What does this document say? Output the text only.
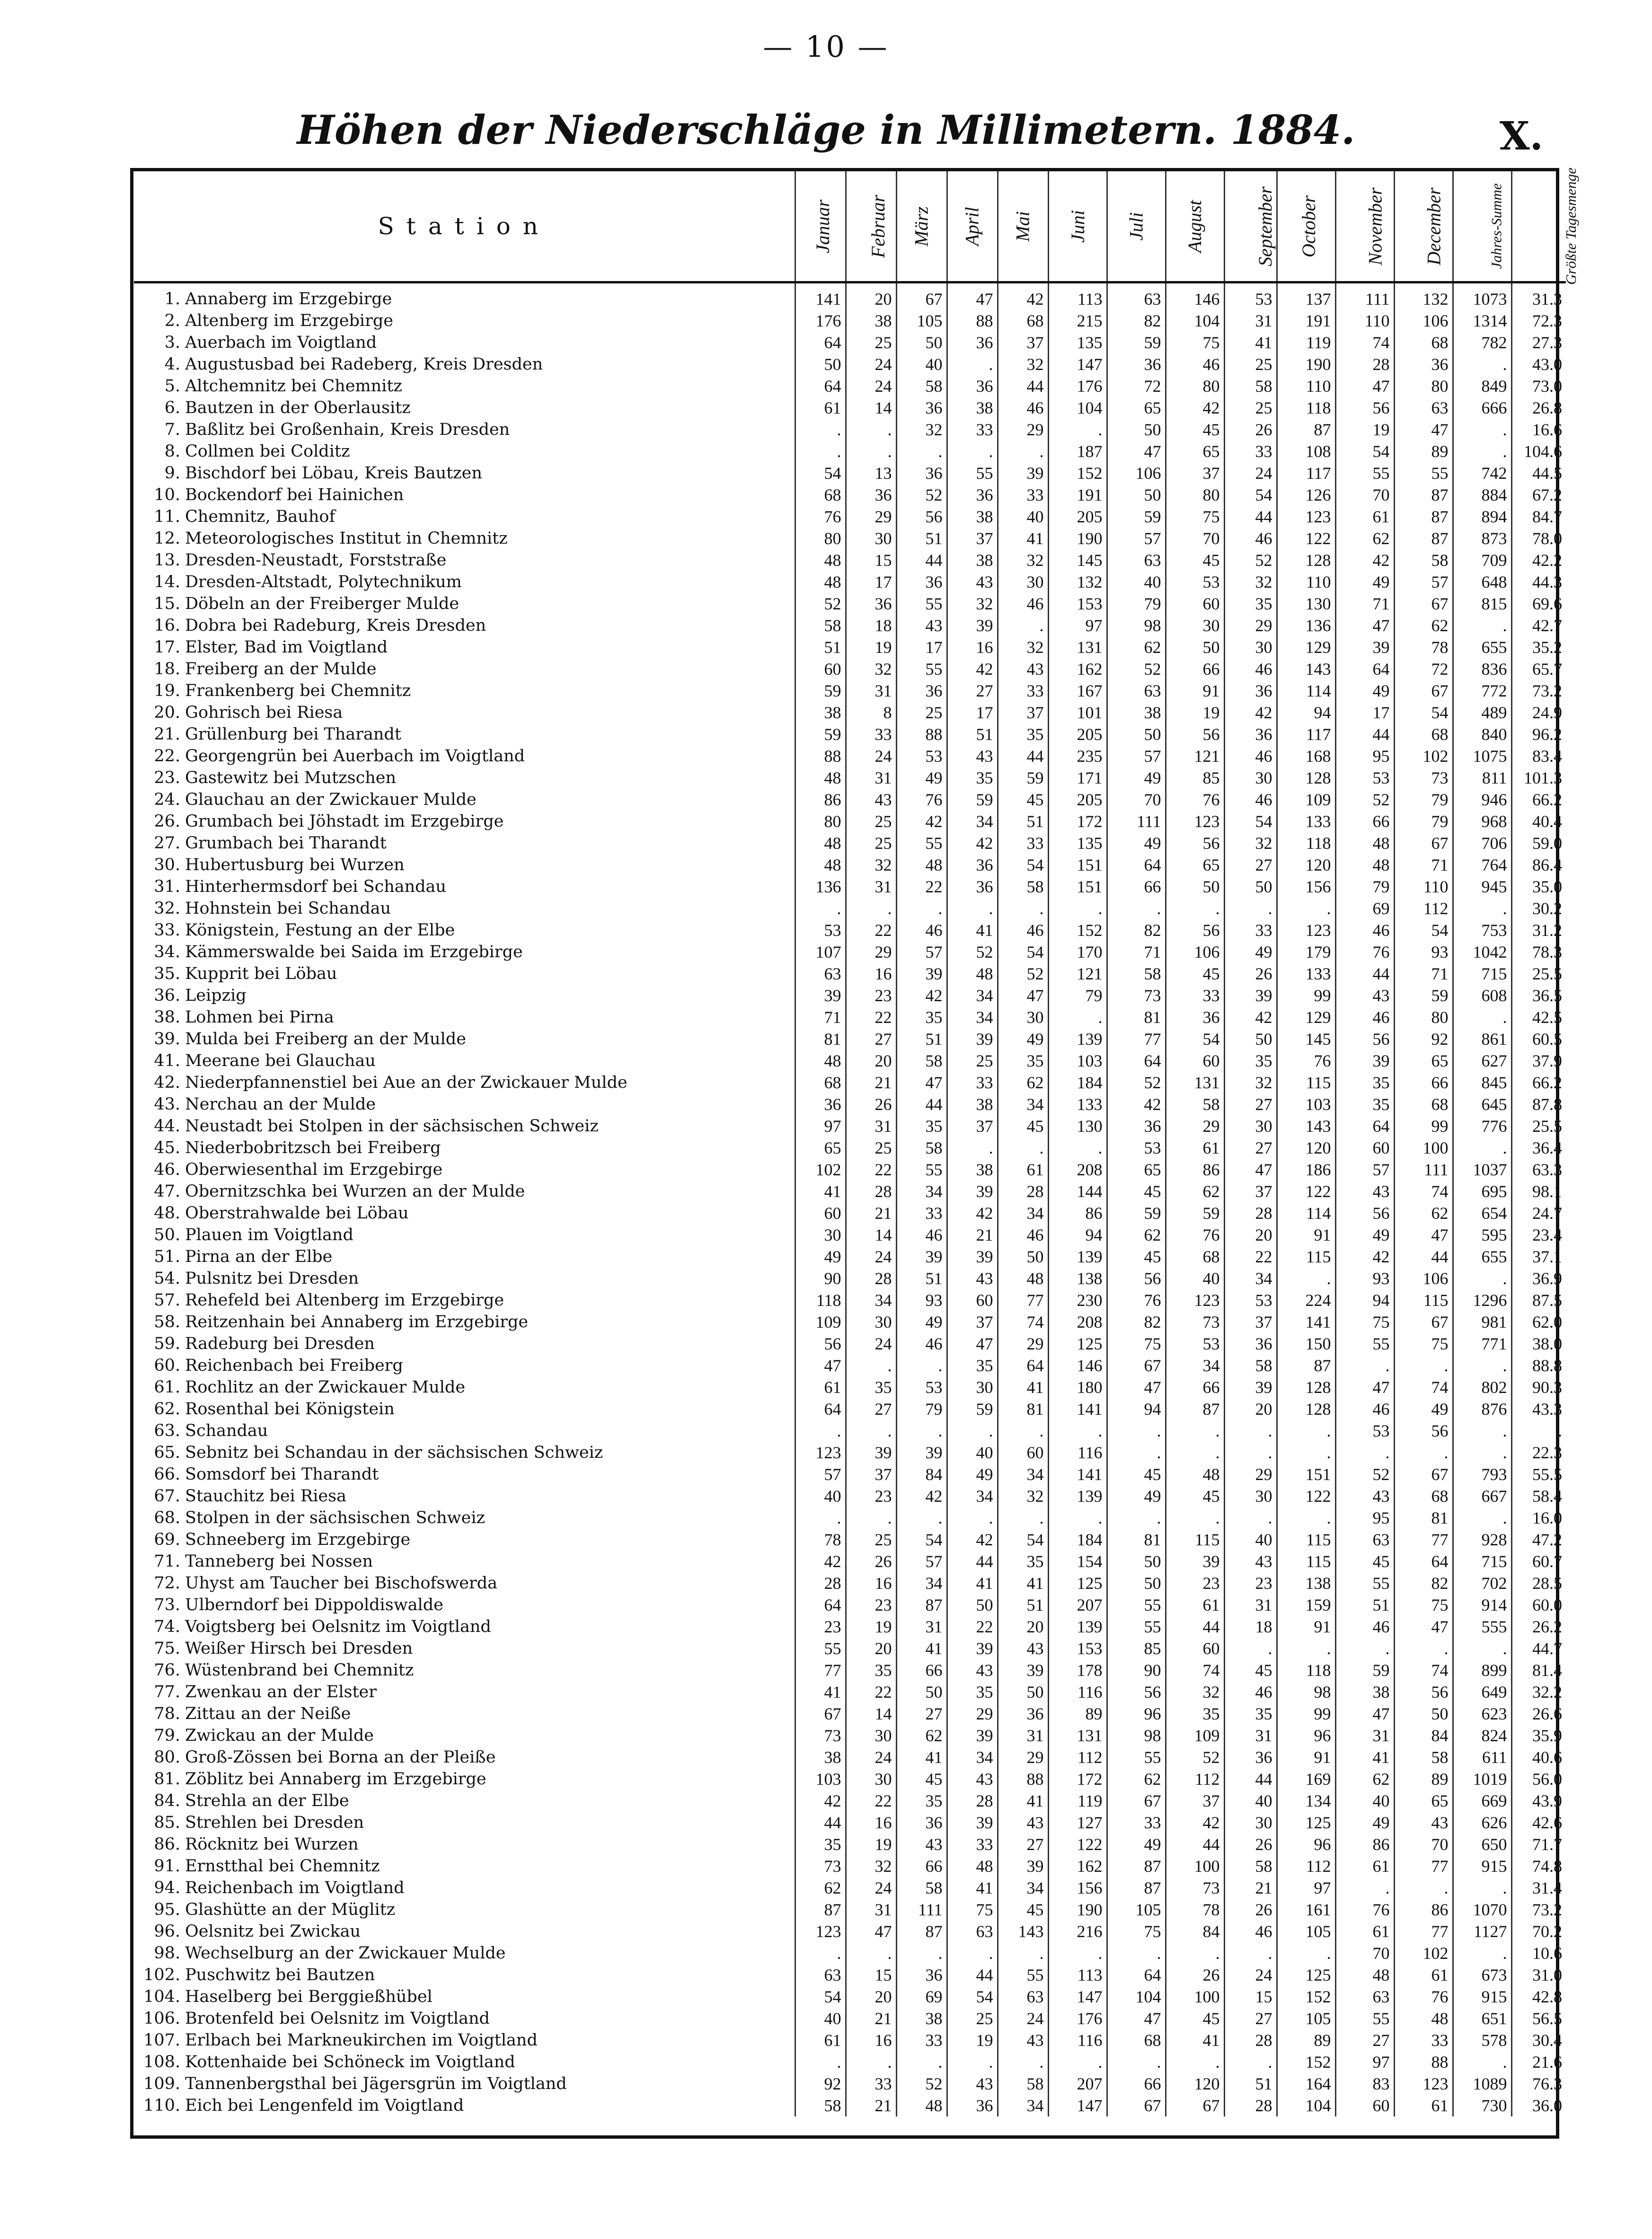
— 10 —
Höhen der Niederschläge in Millimetern. 1884.	X.
Station	Januar	Februar	März	April	Mai	Juni	Juli	August	September	October	November	December	Jahres-Summe	Größte Tagesmenge
1. Annaberg im Erzgebirge	141	20	67	47	42	113	63	146	53	137	111	132	1073	31.3
2. Altenberg im Erzgebirge	176	38	105	88	68	215	82	104	31	191	110	106	1314	72.3
3. Auerbach im Voigtland	64	25	50	36	37	135	59	75	41	119	74	68	782	27.3
4. Augustusbad bei Radeberg, Kreis Dresden	50	24	40	.	32	147	36	46	25	190	28	36	.	43.0
5. Altchemnitz bei Chemnitz	64	24	58	36	44	176	72	80	58	110	47	80	849	73.0
6. Bautzen in der Oberlausitz	61	14	36	38	46	104	65	42	25	118	56	63	666	26.8
7. Baßlitz bei Großenhain, Kreis Dresden	.	.	32	33	29	.	50	45	26	87	19	47	.	16.6
8. Collmen bei Colditz	.	.	.	.	.	187	47	65	33	108	54	89	.	104.6
9. Bischdorf bei Löbau, Kreis Bautzen	54	13	36	55	39	152	106	37	24	117	55	55	742	44.5
10. Bockendorf bei Hainichen	68	36	52	36	33	191	50	80	54	126	70	87	884	67.2
11. Chemnitz, Bauhof	76	29	56	38	40	205	59	75	44	123	61	87	894	84.7
12. Meteorologisches Institut in Chemnitz	80	30	51	37	41	190	57	70	46	122	62	87	873	78.0
13. Dresden-Neustadt, Forststraße	48	15	44	38	32	145	63	45	52	128	42	58	709	42.2
14. Dresden-Altstadt, Polytechnikum	48	17	36	43	30	132	40	53	32	110	49	57	648	44.3
15. Döbeln an der Freiberger Mulde	52	36	55	32	46	153	79	60	35	130	71	67	815	69.6
16. Dobra bei Radeburg, Kreis Dresden	58	18	43	39	.	97	98	30	29	136	47	62	.	42.7
17. Elster, Bad im Voigtland	51	19	17	16	32	131	62	50	30	129	39	78	655	35.2
18. Freiberg an der Mulde	60	32	55	42	43	162	52	66	46	143	64	72	836	65.7
19. Frankenberg bei Chemnitz	59	31	36	27	33	167	63	91	36	114	49	67	772	73.2
20. Gohrisch bei Riesa	38	8	25	17	37	101	38	19	42	94	17	54	489	24.9
21. Grüllenburg bei Tharandt	59	33	88	51	35	205	50	56	36	117	44	68	840	96.2
22. Georgengrün bei Auerbach im Voigtland	88	24	53	43	44	235	57	121	46	168	95	102	1075	83.4
23. Gastewitz bei Mutzschen	48	31	49	35	59	171	49	85	30	128	53	73	811	101.3
24. Glauchau an der Zwickauer Mulde	86	43	76	59	45	205	70	76	46	109	52	79	946	66.2
26. Grumbach bei Jöhstadt im Erzgebirge	80	25	42	34	51	172	111	123	54	133	66	79	968	40.4
27. Grumbach bei Tharandt	48	25	55	42	33	135	49	56	32	118	48	67	706	59.0
30. Hubertusburg bei Wurzen	48	32	48	36	54	151	64	65	27	120	48	71	764	86.4
31. Hinterhermsdorf bei Schandau	136	31	22	36	58	151	66	50	50	156	79	110	945	35.0
32. Hohnstein bei Schandau	.	.	.	.	.	.	.	.	.	.	69	112	.	30.2
33. Königstein, Festung an der Elbe	53	22	46	41	46	152	82	56	33	123	46	54	753	31.2
34. Kämmerswalde bei Saida im Erzgebirge	107	29	57	52	54	170	71	106	49	179	76	93	1042	78.3
35. Kupprit bei Löbau	63	16	39	48	52	121	58	45	26	133	44	71	715	25.5
36. Leipzig	39	23	42	34	47	79	73	33	39	99	43	59	608	36.5
38. Lohmen bei Pirna	71	22	35	34	30	.	81	36	42	129	46	80	.	42.5
39. Mulda bei Freiberg an der Mulde	81	27	51	39	49	139	77	54	50	145	56	92	861	60.5
41. Meerane bei Glauchau	48	20	58	25	35	103	64	60	35	76	39	65	627	37.9
42. Niederpfannenstiel bei Aue an der Zwickauer Mulde	68	21	47	33	62	184	52	131	32	115	35	66	845	66.2
43. Nerchau an der Mulde	36	26	44	38	34	133	42	58	27	103	35	68	645	87.8
44. Neustadt bei Stolpen in der sächsischen Schweiz	97	31	35	37	45	130	36	29	30	143	64	99	776	25.5
45. Niederbobritzsch bei Freiberg	65	25	58	.	.	.	53	61	27	120	60	100	.	36.4
46. Oberwiesenthal im Erzgebirge	102	22	55	38	61	208	65	86	47	186	57	111	1037	63.3
47. Obernitzschka bei Wurzen an der Mulde	41	28	34	39	28	144	45	62	37	122	43	74	695	98.1
48. Oberstrahwalde bei Löbau	60	21	33	42	34	86	59	59	28	114	56	62	654	24.7
50. Plauen im Voigtland	30	14	46	21	46	94	62	76	20	91	49	47	595	23.4
51. Pirna an der Elbe	49	24	39	39	50	139	45	68	22	115	42	44	655	37.1
54. Pulsnitz bei Dresden	90	28	51	43	48	138	56	40	34	.	93	106	.	36.9
57. Rehefeld bei Altenberg im Erzgebirge	118	34	93	60	77	230	76	123	53	224	94	115	1296	87.5
58. Reitzenhain bei Annaberg im Erzgebirge	109	30	49	37	74	208	82	73	37	141	75	67	981	62.0
59. Radeburg bei Dresden	56	24	46	47	29	125	75	53	36	150	55	75	771	38.0
60. Reichenbach bei Freiberg	47	.	.	35	64	146	67	34	58	87	.	.	.	88.8
61. Rochlitz an der Zwickauer Mulde	61	35	53	30	41	180	47	66	39	128	47	74	802	90.3
62. Rosenthal bei Königstein	64	27	79	59	81	141	94	87	20	128	46	49	876	43.3
63. Schandau	.	.	.	.	.	.	.	.	.	.	53	56	.	.
65. Sebnitz bei Schandau in der sächsischen Schweiz	123	39	39	40	60	116	.	.	.	.	.	.	.	22.3
66. Somsdorf bei Tharandt	57	37	84	49	34	141	45	48	29	151	52	67	793	55.5
67. Stauchitz bei Riesa	40	23	42	34	32	139	49	45	30	122	43	68	667	58.4
68. Stolpen in der sächsischen Schweiz	.	.	.	.	.	.	.	.	.	.	95	81	.	16.0
69. Schneeberg im Erzgebirge	78	25	54	42	54	184	81	115	40	115	63	77	928	47.2
71. Tanneberg bei Nossen	42	26	57	44	35	154	50	39	43	115	45	64	715	60.7
72. Uhyst am Taucher bei Bischofswerda	28	16	34	41	41	125	50	23	23	138	55	82	702	28.5
73. Ulberndorf bei Dippoldiswalde	64	23	87	50	51	207	55	61	31	159	51	75	914	60.0
74. Voigtsberg bei Oelsnitz im Voigtland	23	19	31	22	20	139	55	44	18	91	46	47	555	26.2
75. Weißer Hirsch bei Dresden	55	20	41	39	43	153	85	60	.	.	.	.	.	44.7
76. Wüstenbrand bei Chemnitz	77	35	66	43	39	178	90	74	45	118	59	74	899	81.4
77. Zwenkau an der Elster	41	22	50	35	50	116	56	32	46	98	38	56	649	32.2
78. Zittau an der Neiße	67	14	27	29	36	89	96	35	35	99	47	50	623	26.6
79. Zwickau an der Mulde	73	30	62	39	31	131	98	109	31	96	31	84	824	35.9
80. Groß-Zössen bei Borna an der Pleiße	38	24	41	34	29	112	55	52	36	91	41	58	611	40.6
81. Zöblitz bei Annaberg im Erzgebirge	103	30	45	43	88	172	62	112	44	169	62	89	1019	56.0
84. Strehla an der Elbe	42	22	35	28	41	119	67	37	40	134	40	65	669	43.9
85. Strehlen bei Dresden	44	16	36	39	43	127	33	42	30	125	49	43	626	42.6
86. Röcknitz bei Wurzen	35	19	43	33	27	122	49	44	26	96	86	70	650	71.7
91. Ernstthal bei Chemnitz	73	32	66	48	39	162	87	100	58	112	61	77	915	74.8
94. Reichenbach im Voigtland	62	24	58	41	34	156	87	73	21	97	.	.	.	31.4
95. Glashütte an der Müglitz	87	31	111	75	45	190	105	78	26	161	76	86	1070	73.2
96. Oelsnitz bei Zwickau	123	47	87	63	143	216	75	84	46	105	61	77	1127	70.2
98. Wechselburg an der Zwickauer Mulde	.	.	.	.	.	.	.	.	.	.	70	102	.	10.6
102. Puschwitz bei Bautzen	63	15	36	44	55	113	64	26	24	125	48	61	673	31.0
104. Haselberg bei Berggießhübel	54	20	69	54	63	147	104	100	15	152	63	76	915	42.8
106. Brotenfeld bei Oelsnitz im Voigtland	40	21	38	25	24	176	47	45	27	105	55	48	651	56.5
107. Erlbach bei Markneukirchen im Voigtland	61	16	33	19	43	116	68	41	28	89	27	33	578	30.4
108. Kottenhaide bei Schöneck im Voigtland	.	.	.	.	.	.	.	.	.	152	97	88	.	21.6
109. Tannenbergsthal bei Jägersgrün im Voigtland	92	33	52	43	58	207	66	120	51	164	83	123	1089	76.3
110. Eich bei Lengenfeld im Voigtland	58	21	48	36	34	147	67	67	28	104	60	61	730	36.0
